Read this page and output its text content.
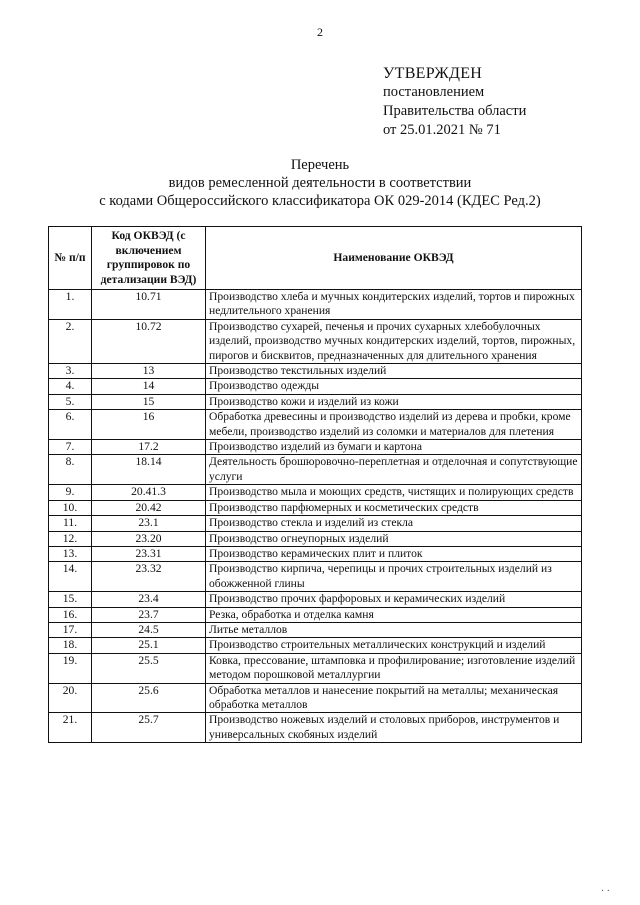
2
УТВЕРЖДЕН
постановлением
Правительства области
от 25.01.2021 № 71
Перечень
видов ремесленной деятельности в соответствии
с кодами Общероссийского классификатора ОК 029-2014 (КДЕС Ред.2)
№ п/п	Код ОКВЭД (с включением группировок по детализации ВЭД)	Наименование ОКВЭД
1.	10.71	Производство хлеба и мучных кондитерских изделий, тортов и пирожных недлительного хранения
2.	10.72	Производство сухарей, печенья и прочих сухарных хлебобулочных изделий, производство мучных кондитерских изделий, тортов, пирожных, пирогов и бисквитов, предназначенных для длительного хранения
3.	13	Производство текстильных изделий
4.	14	Производство одежды
5.	15	Производство кожи и изделий из кожи
6.	16	Обработка древесины и производство изделий из дерева и пробки, кроме мебели, производство изделий из соломки и материалов для плетения
7.	17.2	Производство изделий из бумаги и картона
8.	18.14	Деятельность брошюровочно-переплетная и отделочная и сопутствующие услуги
9.	20.41.3	Производство мыла и моющих средств, чистящих и полирующих средств
10.	20.42	Производство парфюмерных и косметических средств
11.	23.1	Производство стекла и изделий из стекла
12.	23.20	Производство огнеупорных изделий
13.	23.31	Производство керамических плит и плиток
14.	23.32	Производство кирпича, черепицы и прочих строительных изделий из обожженной глины
15.	23.4	Производство прочих фарфоровых и керамических изделий
16.	23.7	Резка, обработка и отделка камня
17.	24.5	Литье металлов
18.	25.1	Производство строительных металлических конструкций и изделий
19.	25.5	Ковка, прессование, штамповка и профилирование; изготовление изделий методом порошковой металлургии
20.	25.6	Обработка металлов и нанесение покрытий на металлы; механическая обработка металлов
21.	25.7	Производство ножевых изделий и столовых приборов, инструментов и универсальных скобяных изделий
· ·
